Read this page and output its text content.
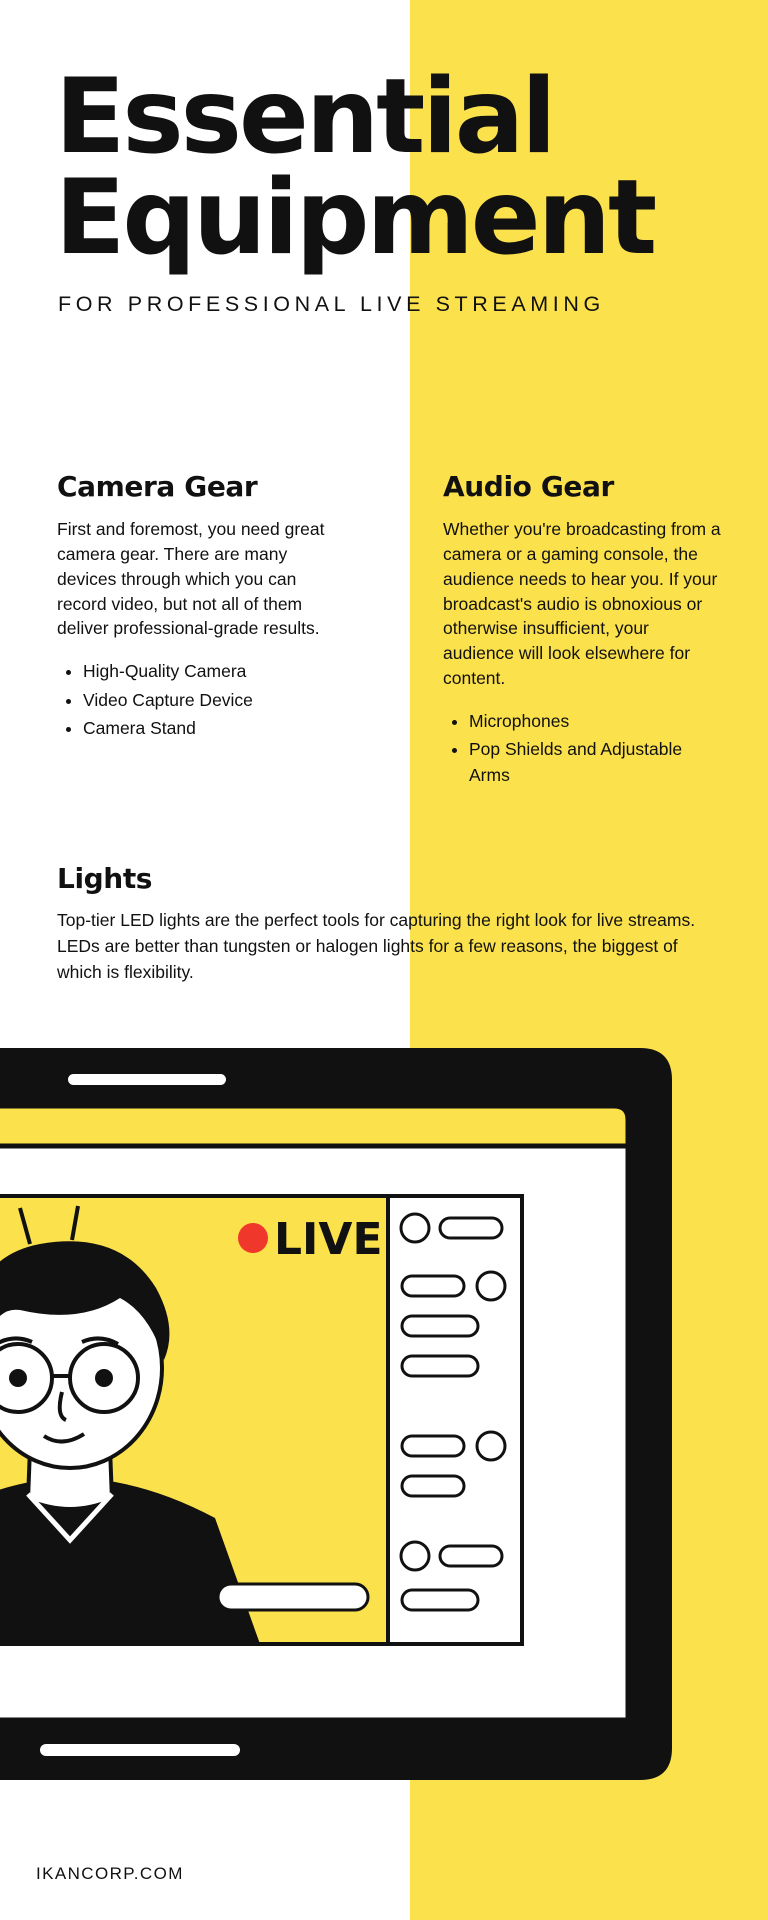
Essential
Equipment
FOR PROFESSIONAL LIVE STREAMING
Camera Gear

First and foremost, you need great camera gear. There are many devices through which you can record video, but not all of them deliver professional-grade results.

• High-Quality Camera
• Video Capture Device
• Camera Stand
Audio Gear

Whether you're broadcasting from a camera or a gaming console, the audience needs to hear you. If your broadcast's audio is obnoxious or otherwise insufficient, your audience will look elsewhere for content.

• Microphones
• Pop Shields and Adjustable Arms
Lights

Top-tier LED lights are the perfect tools for capturing the right look for live streams. LEDs are better than tungsten or halogen lights for a few reasons, the biggest of which is flexibility.

LIVE
IKANCORP.COM
